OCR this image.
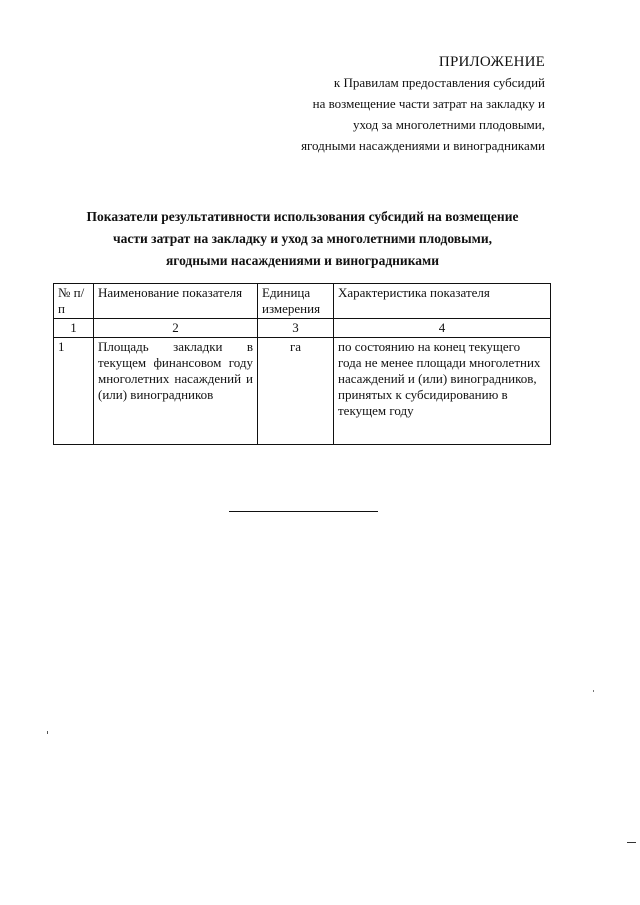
ПРИЛОЖЕНИЕ
к Правилам предоставления субсидий
на возмещение части затрат на закладку и
уход за многолетними плодовыми,
ягодными насаждениями и виноградниками
Показатели результативности использования субсидий на возмещение
части затрат на закладку и уход за многолетними плодовыми,
ягодными насаждениями и виноградниками
№ п/п	Наименование показателя	Единица измерения	Характеристика показателя
1	2	3	4
1	Площадь закладки в текущем финансовом году многолетних насаждений и (или) виноградников	га	по состоянию на конец текущего года не менее площади многолетних насаждений и (или) виноградников, принятых к субсидированию в текущем году
